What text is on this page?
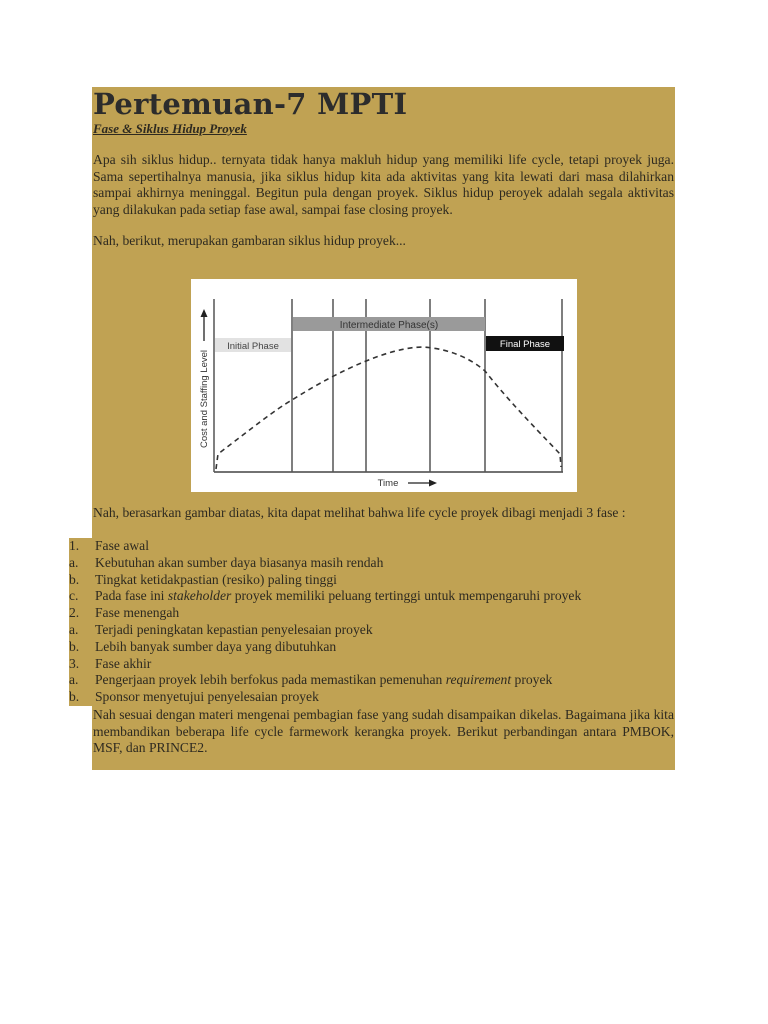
Pertemuan-7 MPTI
Fase & Siklus Hidup Proyek

Apa sih siklus hidup.. ternyata tidak hanya makluh hidup yang memiliki life cycle, tetapi proyek juga. Sama sepertihalnya manusia, jika siklus hidup kita ada aktivitas yang kita lewati dari masa dilahirkan sampai akhirnya meninggal. Begitun pula dengan proyek. Siklus hidup peroyek adalah segala aktivitas yang dilakukan pada setiap fase awal, sampai fase closing proyek.

Nah, berikut, merupakan gambaran siklus hidup proyek...

Intermediate Phase(s)
Initial Phase	Final Phase
Cost and Staffing Level
Time

Nah, berasarkan gambar diatas, kita dapat melihat bahwa life cycle proyek dibagi menjadi 3 fase :

1.	Fase awal
a.	Kebutuhan akan sumber daya biasanya masih rendah
b.	Tingkat ketidakpastian (resiko) paling tinggi
c.	Pada fase ini stakeholder proyek memiliki peluang tertinggi untuk mempengaruhi proyek
2.	Fase menengah
a.	Terjadi peningkatan kepastian penyelesaian proyek
b.	Lebih banyak sumber daya yang dibutuhkan
3.	Fase akhir
a.	Pengerjaan proyek lebih berfokus pada memastikan pemenuhan requirement proyek
b.	Sponsor menyetujui penyelesaian proyek

Nah sesuai dengan materi mengenai pembagian fase yang sudah disampaikan dikelas. Bagaimana jika kita membandikan beberapa life cycle farmework kerangka proyek. Berikut perbandingan antara PMBOK, MSF, dan PRINCE2.
